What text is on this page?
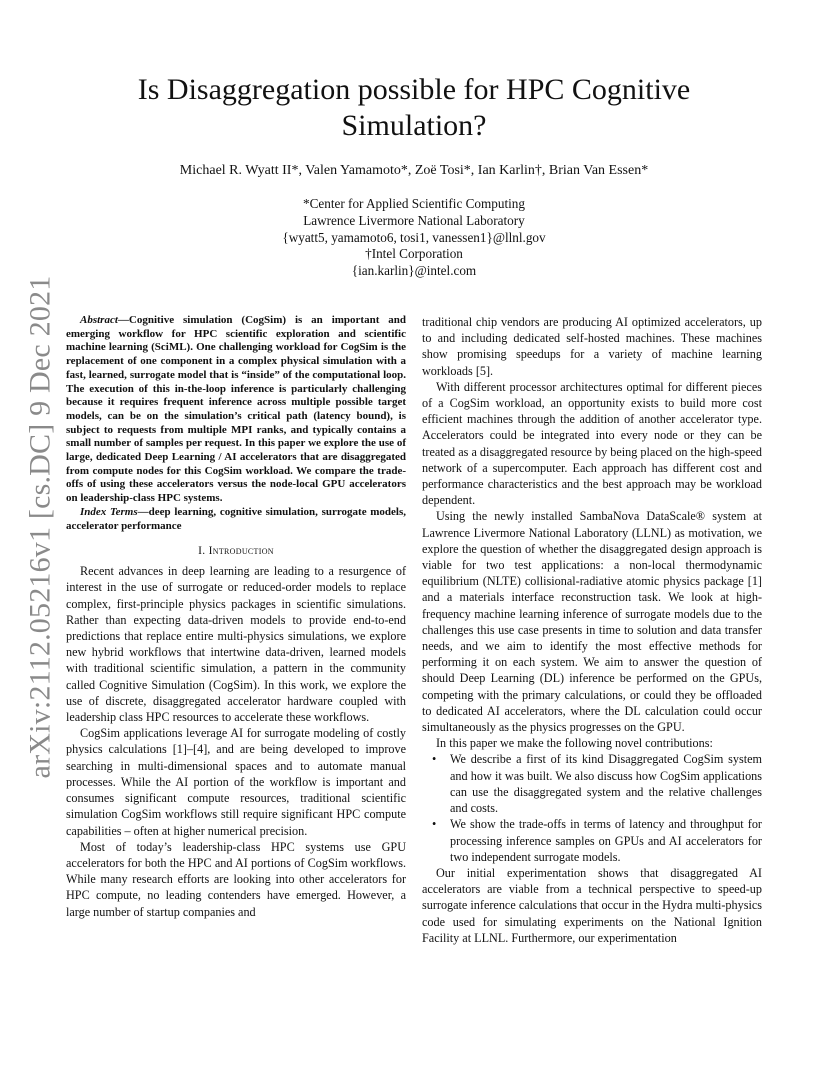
arXiv:2112.05216v1 [cs.DC] 9 Dec 2021
Is Disaggregation possible for HPC Cognitive
Simulation?
Michael R. Wyatt II*, Valen Yamamoto*, Zoë Tosi*, Ian Karlin†, Brian Van Essen*
*Center for Applied Scientific Computing
Lawrence Livermore National Laboratory
{wyatt5, yamamoto6, tosi1, vanessen1}@llnl.gov
†Intel Corporation
{ian.karlin}@intel.com

Abstract—Cognitive simulation (CogSim) is an important and emerging workflow for HPC scientific exploration and scientific machine learning (SciML). One challenging workload for CogSim is the replacement of one component in a complex physical simulation with a fast, learned, surrogate model that is “inside” of the computational loop. The execution of this in-the-loop inference is particularly challenging because it requires frequent inference across multiple possible target models, can be on the simulation’s critical path (latency bound), is subject to requests from multiple MPI ranks, and typically contains a small number of samples per request. In this paper we explore the use of large, dedicated Deep Learning / AI accelerators that are disaggregated from compute nodes for this CogSim workload. We compare the trade-offs of using these accelerators versus the node-local GPU accelerators on leadership-class HPC systems.

Index Terms—deep learning, cognitive simulation, surrogate models, accelerator performance

I. Introduction

Recent advances in deep learning are leading to a resurgence of interest in the use of surrogate or reduced-order models to replace complex, first-principle physics packages in scientific simulations. Rather than expecting data-driven models to provide end-to-end predictions that replace entire multi-physics simulations, we explore new hybrid workflows that intertwine data-driven, learned models with traditional scientific simulation, a pattern in the community called Cognitive Simulation (CogSim). In this work, we explore the use of discrete, disaggregated accelerator hardware coupled with leadership class HPC resources to accelerate these workflows.

CogSim applications leverage AI for surrogate modeling of costly physics calculations [1]–[4], and are being developed to improve searching in multi-dimensional spaces and to automate manual processes. While the AI portion of the workflow is important and consumes significant compute resources, traditional scientific simulation CogSim workflows still require significant HPC compute capabilities – often at higher numerical precision.

Most of today’s leadership-class HPC systems use GPU accelerators for both the HPC and AI portions of CogSim workflows. While many research efforts are looking into other accelerators for HPC compute, no leading contenders have emerged. However, a large number of startup companies and

traditional chip vendors are producing AI optimized accelerators, up to and including dedicated self-hosted machines. These machines show promising speedups for a variety of machine learning workloads [5].

With different processor architectures optimal for different pieces of a CogSim workload, an opportunity exists to build more cost efficient machines through the addition of another accelerator type. Accelerators could be integrated into every node or they can be treated as a disaggregated resource by being placed on the high-speed network of a supercomputer. Each approach has different cost and performance characteristics and the best approach may be workload dependent.

Using the newly installed SambaNova DataScale® system at Lawrence Livermore National Laboratory (LLNL) as motivation, we explore the question of whether the disaggregated design approach is viable for two test applications: a non-local thermodynamic equilibrium (NLTE) collisional-radiative atomic physics package [1] and a materials interface reconstruction task. We look at high-frequency machine learning inference of surrogate models due to the challenges this use case presents in time to solution and data transfer needs, and we aim to identify the most effective methods for performing it on each system. We aim to answer the question of should Deep Learning (DL) inference be performed on the GPUs, competing with the primary calculations, or could they be offloaded to dedicated AI accelerators, where the DL calculation could occur simultaneously as the physics progresses on the GPU.

In this paper we make the following novel contributions:

• We describe a first of its kind Disaggregated CogSim system and how it was built. We also discuss how CogSim applications can use the disaggregated system and the relative challenges and costs.
• We show the trade-offs in terms of latency and throughput for processing inference samples on GPUs and AI accelerators for two independent surrogate models.

Our initial experimentation shows that disaggregated AI accelerators are viable from a technical perspective to speed-up surrogate inference calculations that occur in the Hydra multi-physics code used for simulating experiments on the National Ignition Facility at LLNL. Furthermore, our experimentation
